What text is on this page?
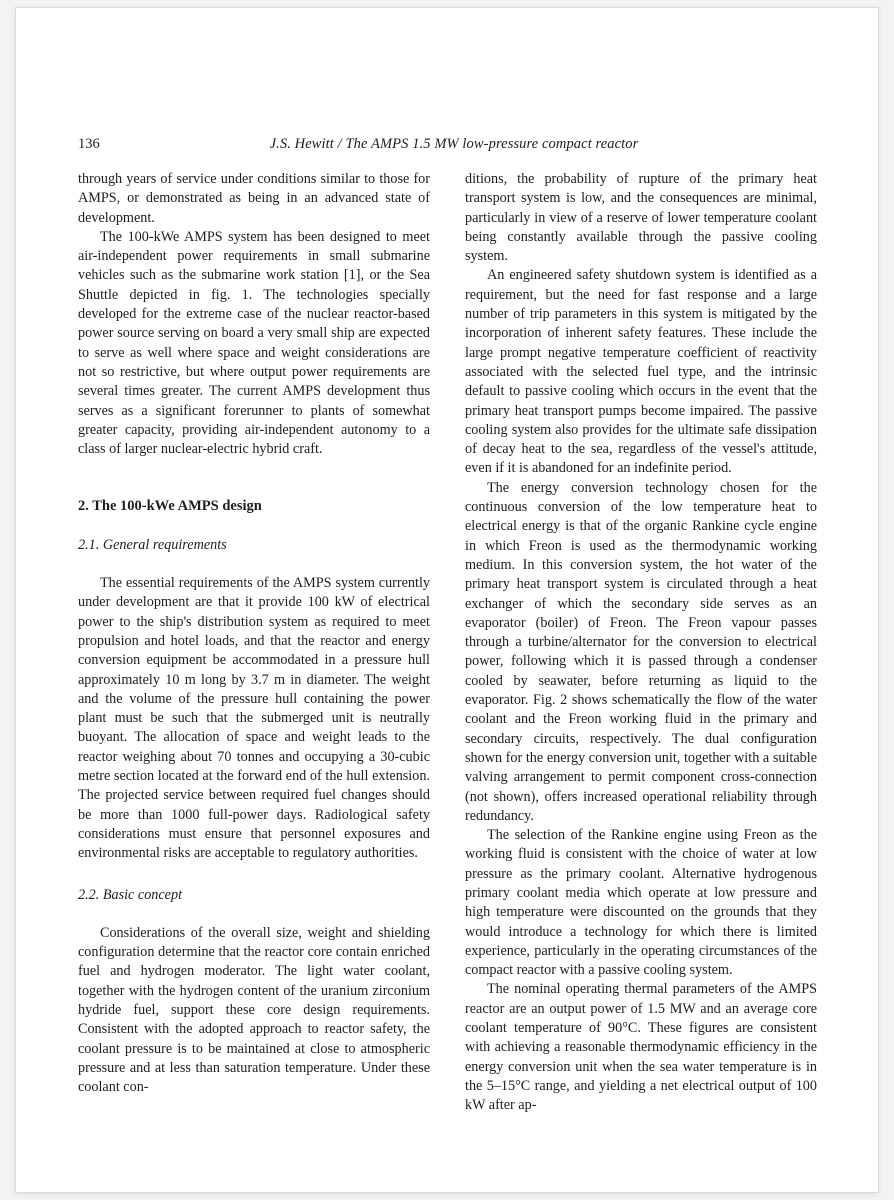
136	J.S. Hewitt / The AMPS 1.5 MW low-pressure compact reactor

through years of service under conditions similar to those for AMPS, or demonstrated as being in an advanced state of development.

The 100-kWe AMPS system has been designed to meet air-independent power requirements in small submarine vehicles such as the submarine work station [1], or the Sea Shuttle depicted in fig. 1. The technologies specially developed for the extreme case of the nuclear reactor-based power source serving on board a very small ship are expected to serve as well where space and weight considerations are not so restrictive, but where output power requirements are several times greater. The current AMPS development thus serves as a significant forerunner to plants of somewhat greater capacity, providing air-independent autonomy to a class of larger nuclear-electric hybrid craft.

2. The 100-kWe AMPS design
2.1. General requirements

The essential requirements of the AMPS system currently under development are that it provide 100 kW of electrical power to the ship's distribution system as required to meet propulsion and hotel loads, and that the reactor and energy conversion equipment be accommodated in a pressure hull approximately 10 m long by 3.7 m in diameter. The weight and the volume of the pressure hull containing the power plant must be such that the submerged unit is neutrally buoyant. The allocation of space and weight leads to the reactor weighing about 70 tonnes and occupying a 30-cubic metre section located at the forward end of the hull extension. The projected service between required fuel changes should be more than 1000 full-power days. Radiological safety considerations must ensure that personnel exposures and environmental risks are acceptable to regulatory authorities.

2.2. Basic concept

Considerations of the overall size, weight and shielding configuration determine that the reactor core contain enriched fuel and hydrogen moderator. The light water coolant, together with the hydrogen content of the uranium zirconium hydride fuel, support these core design requirements. Consistent with the adopted approach to reactor safety, the coolant pressure is to be maintained at close to atmospheric pressure and at less than saturation temperature. Under these coolant con-

ditions, the probability of rupture of the primary heat transport system is low, and the consequences are minimal, particularly in view of a reserve of lower temperature coolant being constantly available through the passive cooling system.

An engineered safety shutdown system is identified as a requirement, but the need for fast response and a large number of trip parameters in this system is mitigated by the incorporation of inherent safety features. These include the large prompt negative temperature coefficient of reactivity associated with the selected fuel type, and the intrinsic default to passive cooling which occurs in the event that the primary heat transport pumps become impaired. The passive cooling system also provides for the ultimate safe dissipation of decay heat to the sea, regardless of the vessel's attitude, even if it is abandoned for an indefinite period.

The energy conversion technology chosen for the continuous conversion of the low temperature heat to electrical energy is that of the organic Rankine cycle engine in which Freon is used as the thermodynamic working medium. In this conversion system, the hot water of the primary heat transport system is circulated through a heat exchanger of which the secondary side serves as an evaporator (boiler) of Freon. The Freon vapour passes through a turbine/alternator for the conversion to electrical power, following which it is passed through a condenser cooled by seawater, before returning as liquid to the evaporator. Fig. 2 shows schematically the flow of the water coolant and the Freon working fluid in the primary and secondary circuits, respectively. The dual configuration shown for the energy conversion unit, together with a suitable valving arrangement to permit component cross-connection (not shown), offers increased operational reliability through redundancy.

The selection of the Rankine engine using Freon as the working fluid is consistent with the choice of water at low pressure as the primary coolant. Alternative hydrogenous primary coolant media which operate at low pressure and high temperature were discounted on the grounds that they would introduce a technology for which there is limited experience, particularly in the operating circumstances of the compact reactor with a passive cooling system.

The nominal operating thermal parameters of the AMPS reactor are an output power of 1.5 MW and an average core coolant temperature of 90°C. These figures are consistent with achieving a reasonable thermodynamic efficiency in the energy conversion unit when the sea water temperature is in the 5–15°C range, and yielding a net electrical output of 100 kW after ap-
